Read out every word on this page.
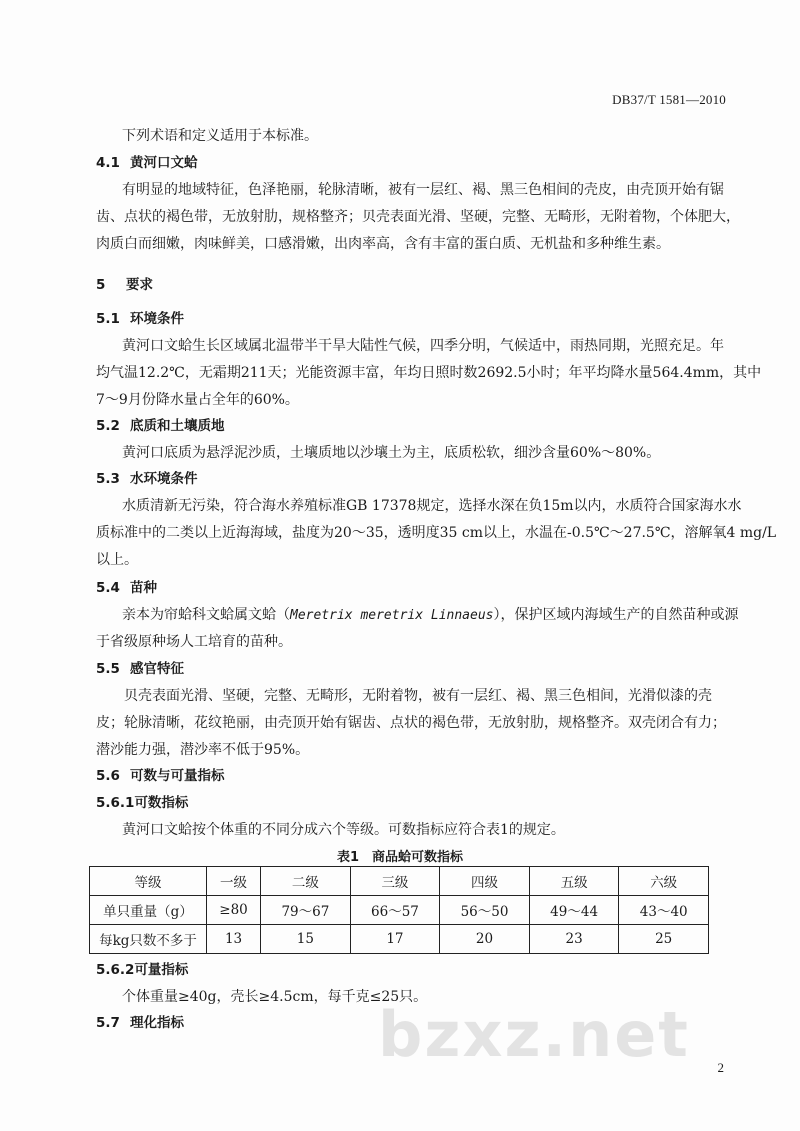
DB37/T 1581—2010
下列术语和定义适用于本标准。
4.1 黄河口文蛤
有明显的地域特征，色泽艳丽，轮脉清晰，被有一层红、褐、黑三色相间的壳皮，由壳顶开始有锯
齿、点状的褐色带，无放射肋，规格整齐；贝壳表面光滑、坚硬，完整、无畸形，无附着物，个体肥大，
肉质白而细嫩，肉味鲜美，口感滑嫩，出肉率高，含有丰富的蛋白质、无机盐和多种维生素。
5 要求
5.1 环境条件
黄河口文蛤生长区域属北温带半干旱大陆性气候，四季分明，气候适中，雨热同期，光照充足。年
均气温12.2℃，无霜期211天；光能资源丰富，年均日照时数2692.5小时；年平均降水量564.4mm，其中
7～9月份降水量占全年的60%。
5.2 底质和土壤质地
黄河口底质为悬浮泥沙质，土壤质地以沙壤土为主，底质松软，细沙含量60%～80%。
5.3 水环境条件
水质清新无污染，符合海水养殖标准GB 17378规定，选择水深在负15m以内，水质符合国家海水水
质标准中的二类以上近海海域，盐度为20～35，透明度35 cm以上，水温在-0.5℃～27.5℃，溶解氧4 mg/L
以上。
5.4 苗种
亲本为帘蛤科文蛤属文蛤（Meretrix meretrix Linnaeus），保护区域内海域生产的自然苗种或源
于省级原种场人工培育的苗种。
5.5 感官特征
贝壳表面光滑、坚硬，完整、无畸形，无附着物，被有一层红、褐、黑三色相间，光滑似漆的壳
皮；轮脉清晰，花纹艳丽，由壳顶开始有锯齿、点状的褐色带，无放射肋，规格整齐。双壳闭合有力；
潜沙能力强，潜沙率不低于95%。
5.6 可数与可量指标
5.6.1可数指标
黄河口文蛤按个体重的不同分成六个等级。可数指标应符合表1的规定。
表1　商品蛤可数指标
等级	一级	二级	三级	四级	五级	六级
单只重量（g）	≥80	79～67	66～57	56～50	49～44	43～40
每kg只数不多于	13	15	17	20	23	25
5.6.2可量指标
个体重量≥40g，壳长≥4.5cm，每千克≤25只。
5.7 理化指标	bzxz.net 2
